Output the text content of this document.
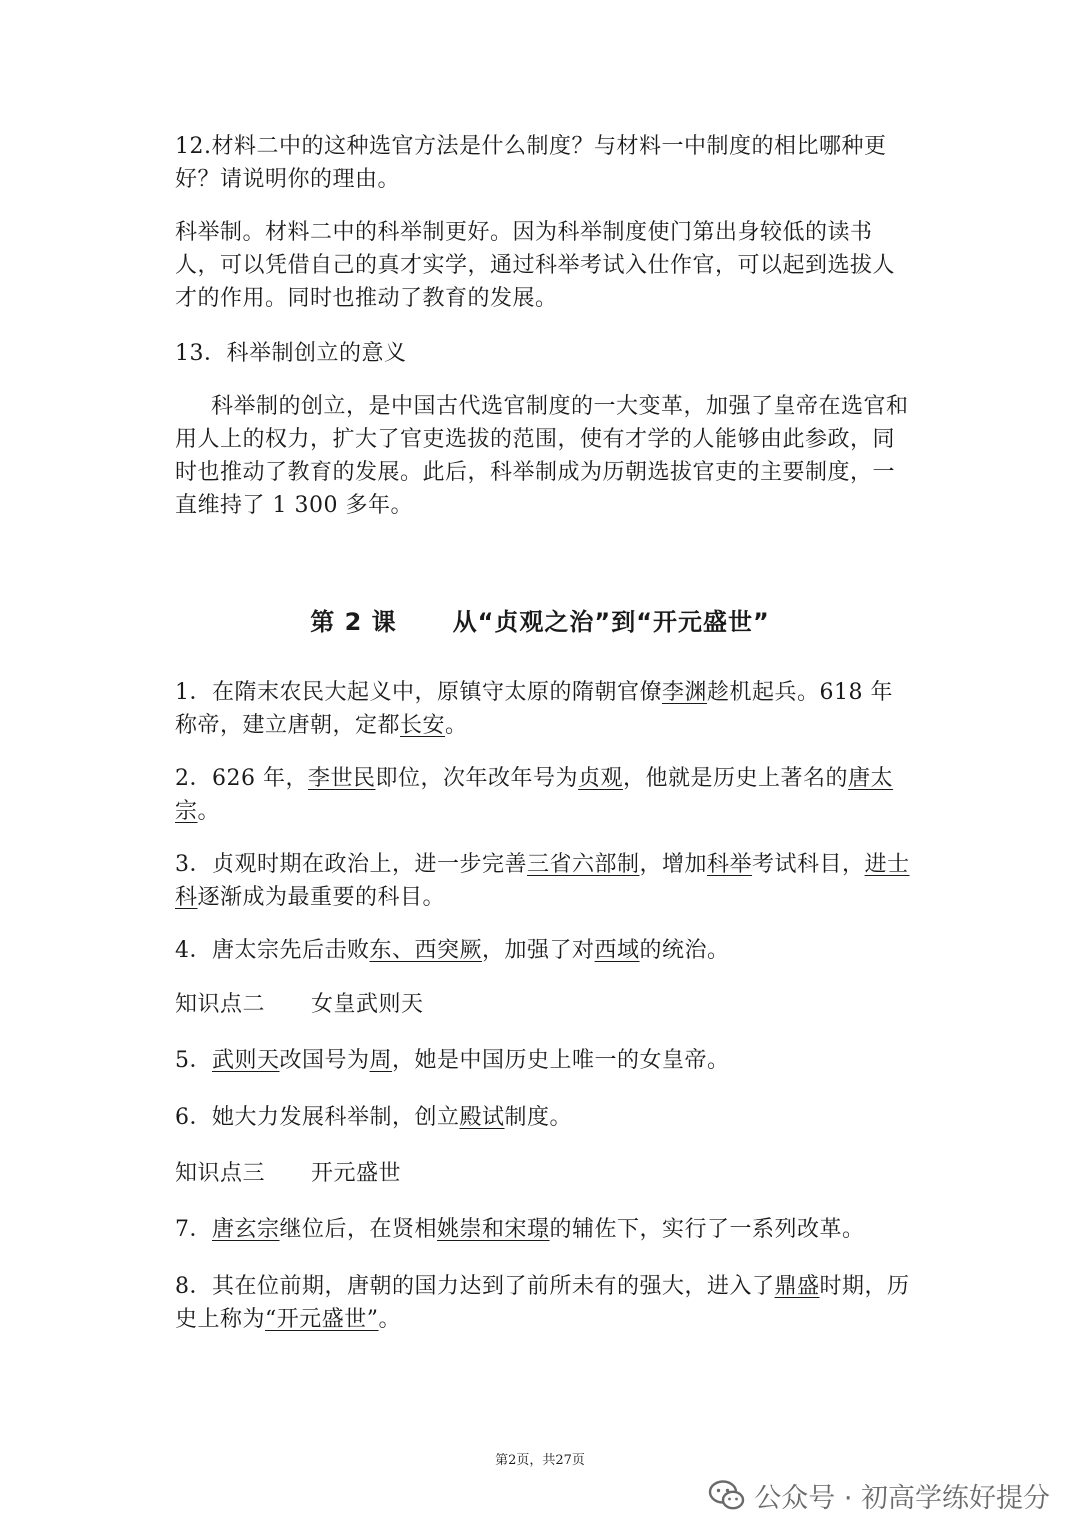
12.材料二中的这种选官方法是什么制度？与材料一中制度的相比哪种更好？请说明你的理由。

科举制。材料二中的科举制更好。因为科举制度使门第出身较低的读书人，可以凭借自己的真才实学，通过科举考试入仕作官，可以起到选拔人才的作用。同时也推动了教育的发展。

13．科举制创立的意义

科举制的创立，是中国古代选官制度的一大变革，加强了皇帝在选官和用人上的权力，扩大了官吏选拔的范围，使有才学的人能够由此参政，同时也推动了教育的发展。此后，科举制成为历朝选拔官吏的主要制度，一直维持了 1 300 多年。

第 2 课 从“贞观之治”到“开元盛世”

1．在隋末农民大起义中，原镇守太原的隋朝官僚李渊趁机起兵。618 年称帝，建立唐朝，定都长安。

2．626 年，李世民即位，次年改年号为贞观，他就是历史上著名的唐太宗。

3．贞观时期在政治上，进一步完善三省六部制，增加科举考试科目，进士科逐渐成为最重要的科目。

4．唐太宗先后击败东、西突厥，加强了对西域的统治。

知识点二 女皇武则天

5．武则天改国号为周，她是中国历史上唯一的女皇帝。

6．她大力发展科举制，创立殿试制度。

知识点三 开元盛世

7．唐玄宗继位后，在贤相姚崇和宋璟的辅佐下，实行了一系列改革。

8．其在位前期，唐朝的国力达到了前所未有的强大，进入了鼎盛时期，历史上称为“开元盛世”。

第2页，共27页
公众号 · 初高学练好提分
